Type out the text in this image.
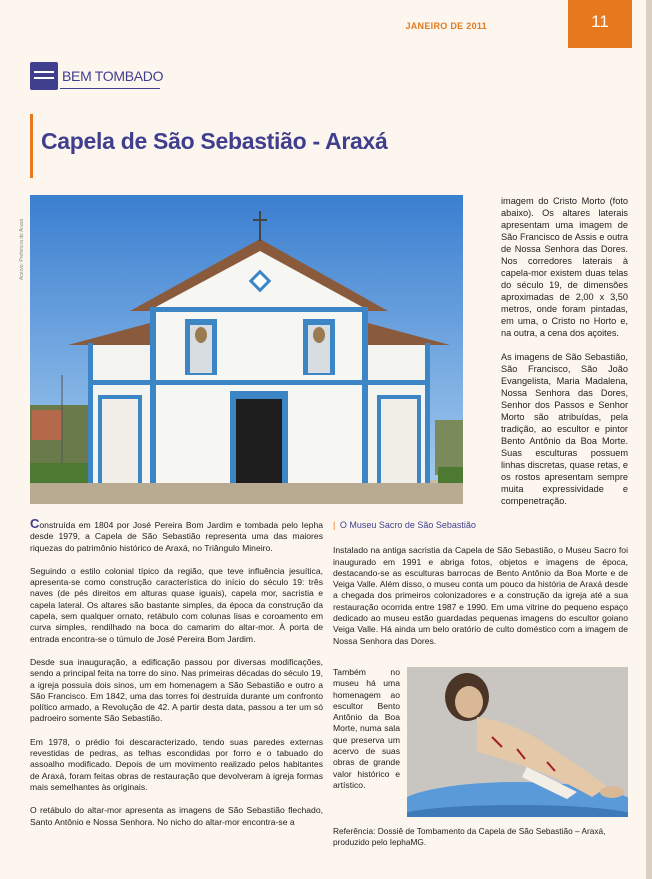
JANEIRO DE 2011	11
BEM TOMBADO
Capela de São Sebastião - Araxá
Acervo: Prefeitura de Araxá

imagem do Cristo Morto (foto abaixo). Os altares laterais apresentam uma imagem de São Francisco de Assis e outra de Nossa Senhora das Dores. Nos corredores laterais à capela-mor existem duas telas do século 19, de dimensões aproximadas de 2,00 x 3,50 metros, onde foram pintadas, em uma, o Cristo no Horto e, na outra, a cena dos açoites.

As imagens de São Sebastião, São Francisco, São João Evangelista, Maria Madalena, Nossa Senhora das Dores, Senhor dos Passos e Senhor Morto são atribuídas, pela tradição, ao escultor e pintor Bento Antônio da Boa Morte. Suas esculturas possuem linhas discretas, quase retas, e os rostos apresentam sempre muita expressividade e compenetração.

Construída em 1804 por José Pereira Bom Jardim e tombada pelo Iepha desde 1979, a Capela de São Sebastião representa uma das maiores riquezas do patrimônio histórico de Araxá, no Triângulo Mineiro.

Seguindo o estilo colonial típico da região, que teve influência jesuítica, apresenta-se como construção característica do início do século 19: três naves (de pés direitos em alturas quase iguais), capela mor, sacristia e capela lateral. Os altares são bastante simples, da época da construção da capela, sem qualquer ornato, retábulo com colunas lisas e coroamento em curva simples, rendilhado na boca do camarim do altar-mor. À porta de entrada encontra-se o túmulo de José Pereira Bom Jardim.

Desde sua inauguração, a edificação passou por diversas modificações, sendo a principal feita na torre do sino. Nas primeiras décadas do século 19, a igreja possuía dois sinos, um em homenagem a São Sebastião e outro a São Francisco. Em 1842, uma das torres foi destruída durante um confronto político armado, a Revolução de 42. A partir desta data, passou a ter um só padroeiro somente São Sebastião.

Em 1978, o prédio foi descaracterizado, tendo suas paredes externas revestidas de pedras, as telhas escondidas por forro e o tabuado do assoalho modificado. Depois de um movimento realizado pelos habitantes de Araxá, foram feitas obras de restauração que devolveram à igreja formas mais semelhantes às originais.

O retábulo do altar-mor apresenta as imagens de São Sebastião flechado, Santo Antônio e Nossa Senhora. No nicho do altar-mor encontra-se a

| O Museu Sacro de São Sebastião

Instalado na antiga sacristia da Capela de São Sebastião, o Museu Sacro foi inaugurado em 1991 e abriga fotos, objetos e imagens de época, destacando-se as esculturas barrocas de Bento Antônio da Boa Morte e de Veiga Valle. Além disso, o museu conta um pouco da história de Araxá desde a chegada dos primeiros colonizadores e a construção da igreja até a sua restauração ocorrida entre 1987 e 1990. Em uma vitrine do pequeno espaço dedicado ao museu estão guardadas pequenas imagens do escultor goiano Veiga Valle. Há ainda um belo oratório de culto doméstico com a imagem de Nossa Senhora das Dores.

Também no museu há uma homenagem ao escultor Bento Antônio da Boa Morte, numa sala que preserva um acervo de suas obras de grande valor histórico e artístico.
Referência: Dossiê de Tombamento da Capela de São Sebastião – Araxá, produzido pelo IephaMG.
